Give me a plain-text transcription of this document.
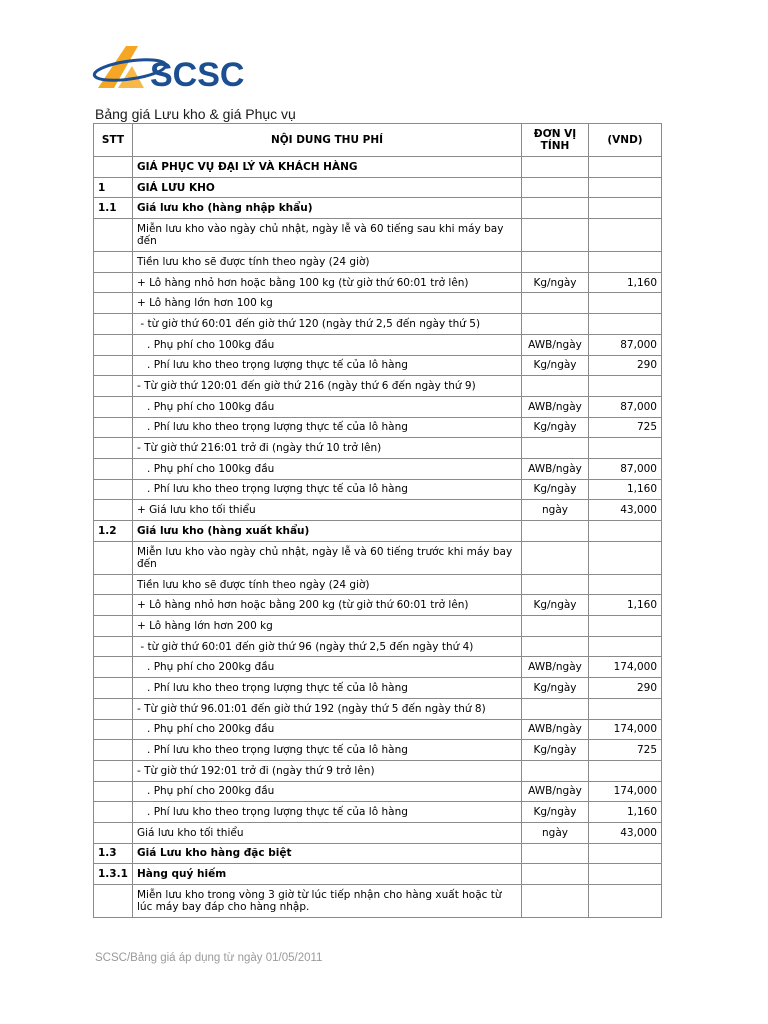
SCSC
Bảng giá Lưu kho & giá Phục vụ
STT	NỘI DUNG THU PHÍ	ĐƠN VỊ TÍNH	(VND)
	GIÁ PHỤC VỤ ĐẠI LÝ VÀ KHÁCH HÀNG		
1	GIÁ LƯU KHO		
1.1	Giá lưu kho (hàng nhập khẩu)		
	Miễn lưu kho vào ngày chủ nhật, ngày lễ và 60 tiếng sau khi máy bay đến		
	Tiền lưu kho sẽ được tính theo ngày (24 giờ)		
	+ Lô hàng nhỏ hơn hoặc bằng 100 kg (từ giờ thứ 60:01 trở lên)	Kg/ngày	1,160
	+ Lô hàng lớn hơn 100 kg		
	- từ giờ thứ 60:01 đến giờ thứ 120 (ngày thứ 2,5 đến ngày thứ 5)		
	. Phụ phí cho 100kg đầu	AWB/ngày	87,000
	. Phí lưu kho theo trọng lượng thực tế của lô hàng	Kg/ngày	290
	- Từ giờ thứ 120:01 đến giờ thứ 216 (ngày thứ 6 đến ngày thứ 9)		
	. Phụ phí cho 100kg đầu	AWB/ngày	87,000
	. Phí lưu kho theo trọng lượng thực tế của lô hàng	Kg/ngày	725
	- Từ giờ thứ 216:01 trở đi (ngày thứ 10 trở lên)		
	. Phụ phí cho 100kg đầu	AWB/ngày	87,000
	. Phí lưu kho theo trọng lượng thực tế của lô hàng	Kg/ngày	1,160
	+ Giá lưu kho tối thiểu	ngày	43,000
1.2	Giá lưu kho (hàng xuất khẩu)		
	Miễn lưu kho vào ngày chủ nhật, ngày lễ và 60 tiếng trước khi máy bay đến		
	Tiền lưu kho sẽ được tính theo ngày (24 giờ)		
	+ Lô hàng nhỏ hơn hoặc bằng 200 kg (từ giờ thứ 60:01 trở lên)	Kg/ngày	1,160
	+ Lô hàng lớn hơn 200 kg		
	- từ giờ thứ 60:01 đến giờ thứ 96 (ngày thứ 2,5 đến ngày thứ 4)		
	. Phụ phí cho 200kg đầu	AWB/ngày	174,000
	. Phí lưu kho theo trọng lượng thực tế của lô hàng	Kg/ngày	290
	- Từ giờ thứ 96.01:01 đến giờ thứ 192 (ngày thứ 5 đến ngày thứ 8)		
	. Phụ phí cho 200kg đầu	AWB/ngày	174,000
	. Phí lưu kho theo trọng lượng thực tế của lô hàng	Kg/ngày	725
	- Từ giờ thứ 192:01 trở đi (ngày thứ 9 trở lên)		
	. Phụ phí cho 200kg đầu	AWB/ngày	174,000
	. Phí lưu kho theo trọng lượng thực tế của lô hàng	Kg/ngày	1,160
	Giá lưu kho tối thiểu	ngày	43,000
1.3	Giá Lưu kho hàng đặc biệt		
1.3.1	Hàng quý hiếm		
	Miễn lưu kho trong vòng 3 giờ từ lúc tiếp nhận cho hàng xuất hoặc từ lúc máy bay đáp cho hàng nhập.		
SCSC/Bảng giá áp dụng từ ngày 01/05/2011
